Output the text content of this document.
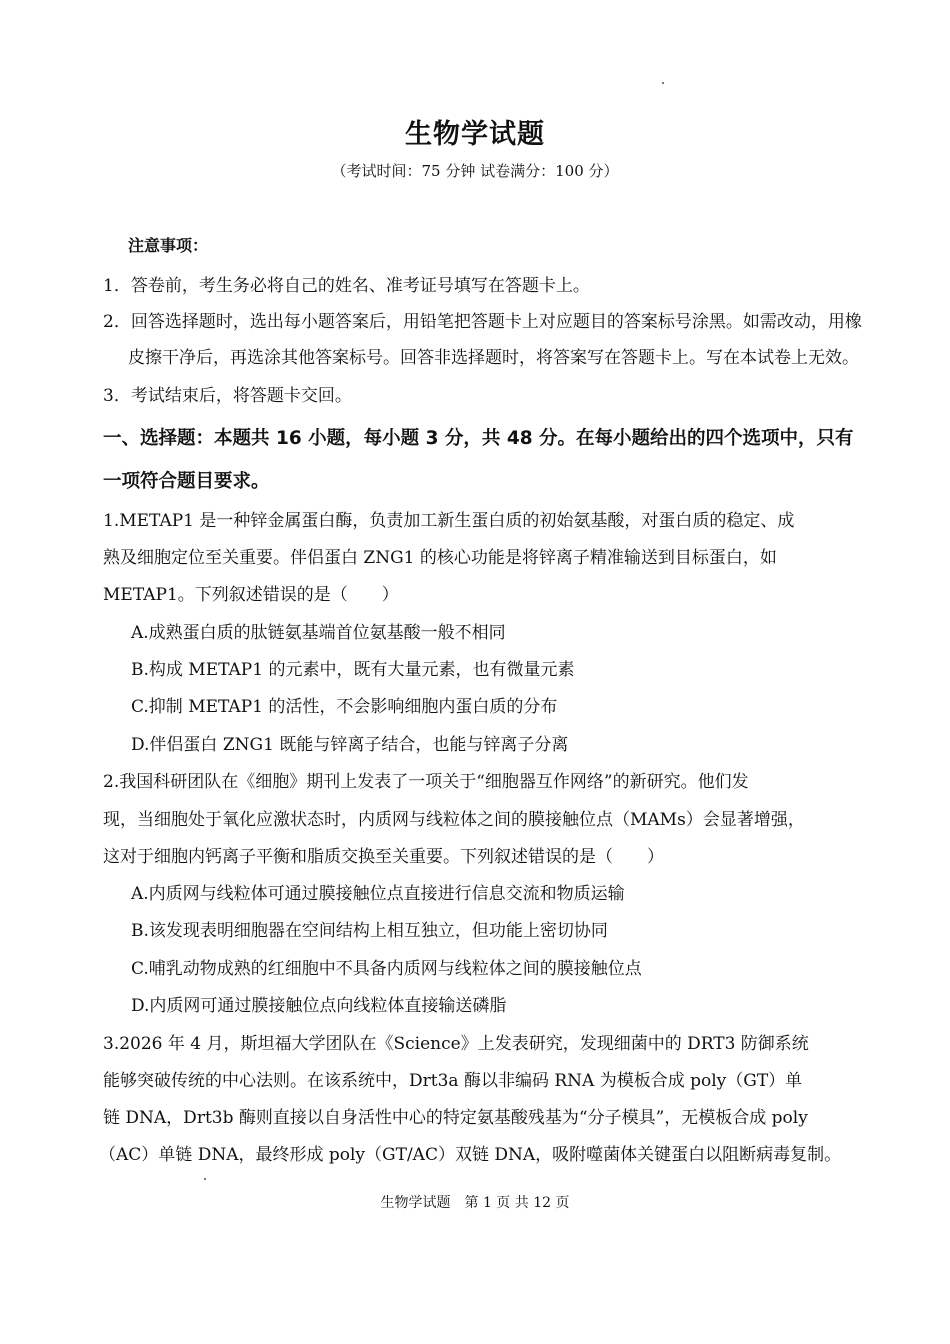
生物学试题
（考试时间：75 分钟 试卷满分：100 分）
注意事项：
1．答卷前，考生务必将自己的姓名、准考证号填写在答题卡上。
2．回答选择题时，选出每小题答案后，用铅笔把答题卡上对应题目的答案标号涂黑。如需改动，用橡
皮擦干净后，再选涂其他答案标号。回答非选择题时，将答案写在答题卡上。写在本试卷上无效。
3．考试结束后，将答题卡交回。
一、选择题：本题共 16 小题，每小题 3 分，共 48 分。在每小题给出的四个选项中，只有
一项符合题目要求。
1.METAP1 是一种锌金属蛋白酶，负责加工新生蛋白质的初始氨基酸，对蛋白质的稳定、成
熟及细胞定位至关重要。伴侣蛋白 ZNG1 的核心功能是将锌离子精准输送到目标蛋白，如
METAP1。下列叙述错误的是（　　）
A.成熟蛋白质的肽链氨基端首位氨基酸一般不相同
B.构成 METAP1 的元素中，既有大量元素，也有微量元素
C.抑制 METAP1 的活性，不会影响细胞内蛋白质的分布
D.伴侣蛋白 ZNG1 既能与锌离子结合，也能与锌离子分离
2.我国科研团队在《细胞》期刊上发表了一项关于“细胞器互作网络”的新研究。他们发
现，当细胞处于氧化应激状态时，内质网与线粒体之间的膜接触位点（MAMs）会显著增强，
这对于细胞内钙离子平衡和脂质交换至关重要。下列叙述错误的是（　　）
A.内质网与线粒体可通过膜接触位点直接进行信息交流和物质运输
B.该发现表明细胞器在空间结构上相互独立，但功能上密切协同
C.哺乳动物成熟的红细胞中不具备内质网与线粒体之间的膜接触位点
D.内质网可通过膜接触位点向线粒体直接输送磷脂
3.2026 年 4 月，斯坦福大学团队在《Science》上发表研究，发现细菌中的 DRT3 防御系统
能够突破传统的中心法则。在该系统中，Drt3a 酶以非编码 RNA 为模板合成 poly（GT）单
链 DNA，Drt3b 酶则直接以自身活性中心的特定氨基酸残基为“分子模具”，无模板合成 poly
（AC）单链 DNA，最终形成 poly（GT/AC）双链 DNA，吸附噬菌体关键蛋白以阻断病毒复制。
生物学试题　第 1 页 共 12 页
